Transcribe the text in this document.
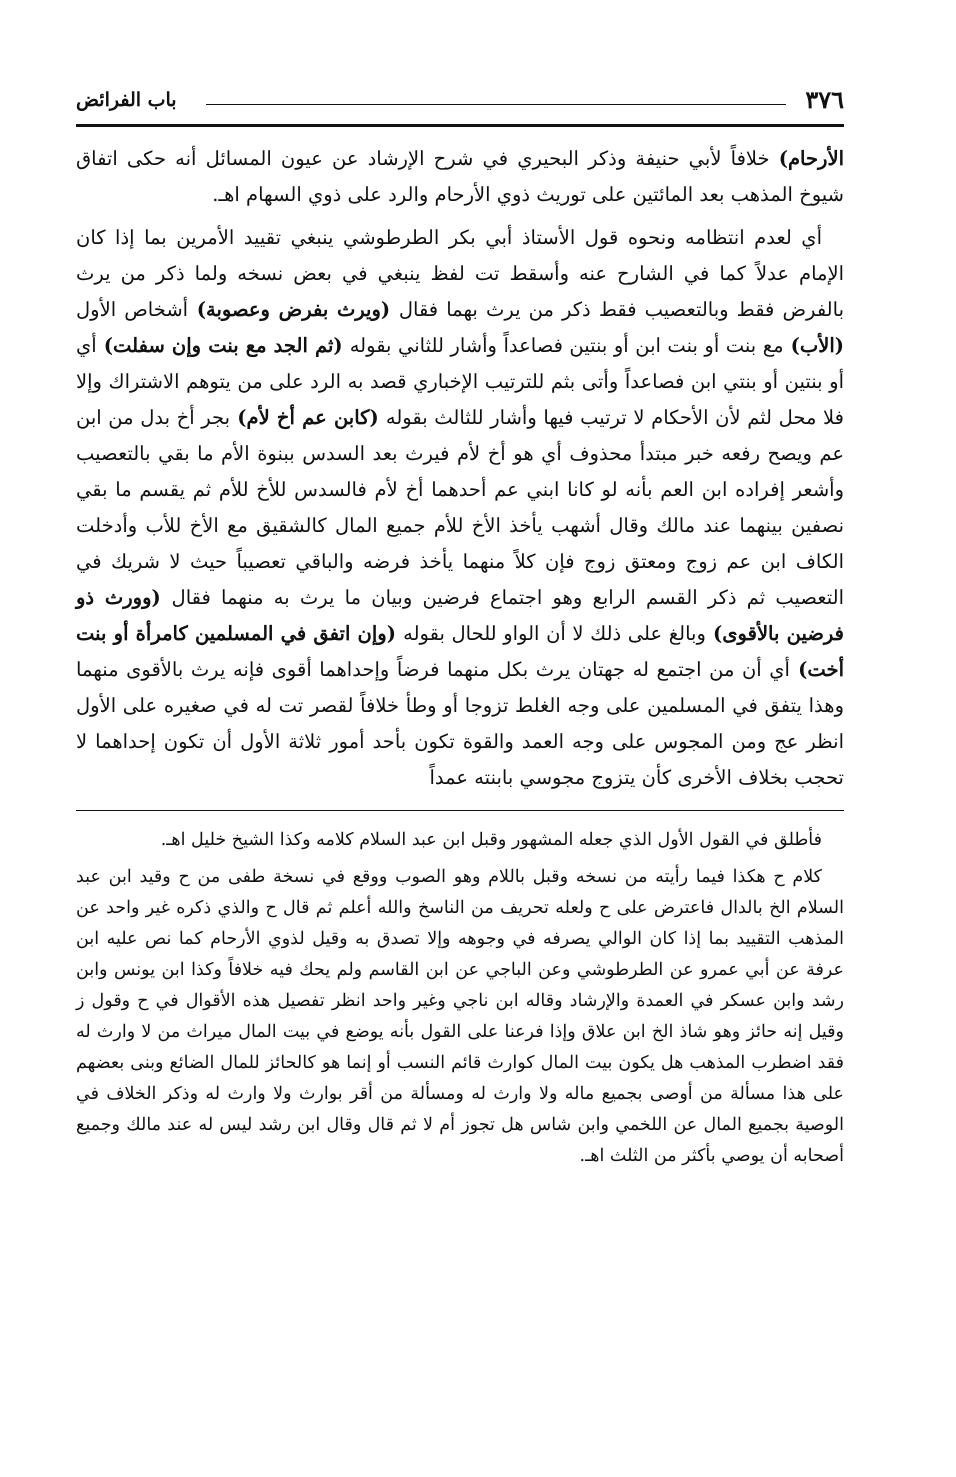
٣٧٦
باب الفرائض

الأرحام) خلافاً لأبي حنيفة وذكر البحيري في شرح الإرشاد عن عيون المسائل أنه حكى اتفاق شيوخ المذهب بعد المائتين على توريث ذوي الأرحام والرد على ذوي السهام اهـ.

أي لعدم انتظامه ونحوه قول الأستاذ أبي بكر الطرطوشي ينبغي تقييد الأمرين بما إذا كان الإمام عدلاً كما في الشارح عنه وأسقط تت لفظ ينبغي في بعض نسخه ولما ذكر من يرث بالفرض فقط وبالتعصيب فقط ذكر من يرث بهما فقال (ويرث بفرض وعصوبة) أشخاص الأول (الأب) مع بنت أو بنت ابن أو بنتين فصاعداً وأشار للثاني بقوله (ثم الجد مع بنت وإن سفلت) أي أو بنتين أو بنتي ابن فصاعداً وأتى بثم للترتيب الإخباري قصد به الرد على من يتوهم الاشتراك وإلا فلا محل لثم لأن الأحكام لا ترتيب فيها وأشار للثالث بقوله (كابن عم أخ لأم) بجر أخ بدل من ابن عم ويصح رفعه خبر مبتدأ محذوف أي هو أخ لأم فيرث بعد السدس ببنوة الأم ما بقي بالتعصيب وأشعر إفراده ابن العم بأنه لو كانا ابني عم أحدهما أخ لأم فالسدس للأخ للأم ثم يقسم ما بقي نصفين بينهما عند مالك وقال أشهب يأخذ الأخ للأم جميع المال كالشقيق مع الأخ للأب وأدخلت الكاف ابن عم زوج ومعتق زوج فإن كلاً منهما يأخذ فرضه والباقي تعصيباً حيث لا شريك في التعصيب ثم ذكر القسم الرابع وهو اجتماع فرضين وبيان ما يرث به منهما فقال (وورث ذو فرضين بالأقوى) وبالغ على ذلك لا أن الواو للحال بقوله (وإن اتفق في المسلمين كامرأة أو بنت أخت) أي أن من اجتمع له جهتان يرث بكل منهما فرضاً وإحداهما أقوى فإنه يرث بالأقوى منهما وهذا يتفق في المسلمين على وجه الغلط تزوجا أو وطأ خلافاً لقصر تت له في صغيره على الأول انظر عج ومن المجوس على وجه العمد والقوة تكون بأحد أمور ثلاثة الأول أن تكون إحداهما لا تحجب بخلاف الأخرى كأن يتزوج مجوسي بابنته عمداً

فأطلق في القول الأول الذي جعله المشهور وقبل ابن عبد السلام كلامه وكذا الشيخ خليل اهـ.

كلام ح هكذا فيما رأيته من نسخه وقبل باللام وهو الصوب ووقع في نسخة طفى من ح وقيد ابن عبد السلام الخ بالدال فاعترض على ح ولعله تحريف من الناسخ والله أعلم ثم قال ح والذي ذكره غير واحد عن المذهب التقييد بما إذا كان الوالي يصرفه في وجوهه وإلا تصدق به وقيل لذوي الأرحام كما نص عليه ابن عرفة عن أبي عمرو عن الطرطوشي وعن الباجي عن ابن القاسم ولم يحك فيه خلافاً وكذا ابن يونس وابن رشد وابن عسكر في العمدة والإرشاد وقاله ابن ناجي وغير واحد انظر تفصيل هذه الأقوال في ح وقول ز وقيل إنه حائز وهو شاذ الخ ابن علاق وإذا فرعنا على القول بأنه يوضع في بيت المال ميراث من لا وارث له فقد اضطرب المذهب هل يكون بيت المال كوارث قائم النسب أو إنما هو كالحائز للمال الضائع وبنى بعضهم على هذا مسألة من أوصى بجميع ماله ولا وارث له ومسألة من أقر بوارث ولا وارث له وذكر الخلاف في الوصية بجميع المال عن اللخمي وابن شاس هل تجوز أم لا ثم قال وقال ابن رشد ليس له عند مالك وجميع أصحابه أن يوصي بأكثر من الثلث اهـ.
